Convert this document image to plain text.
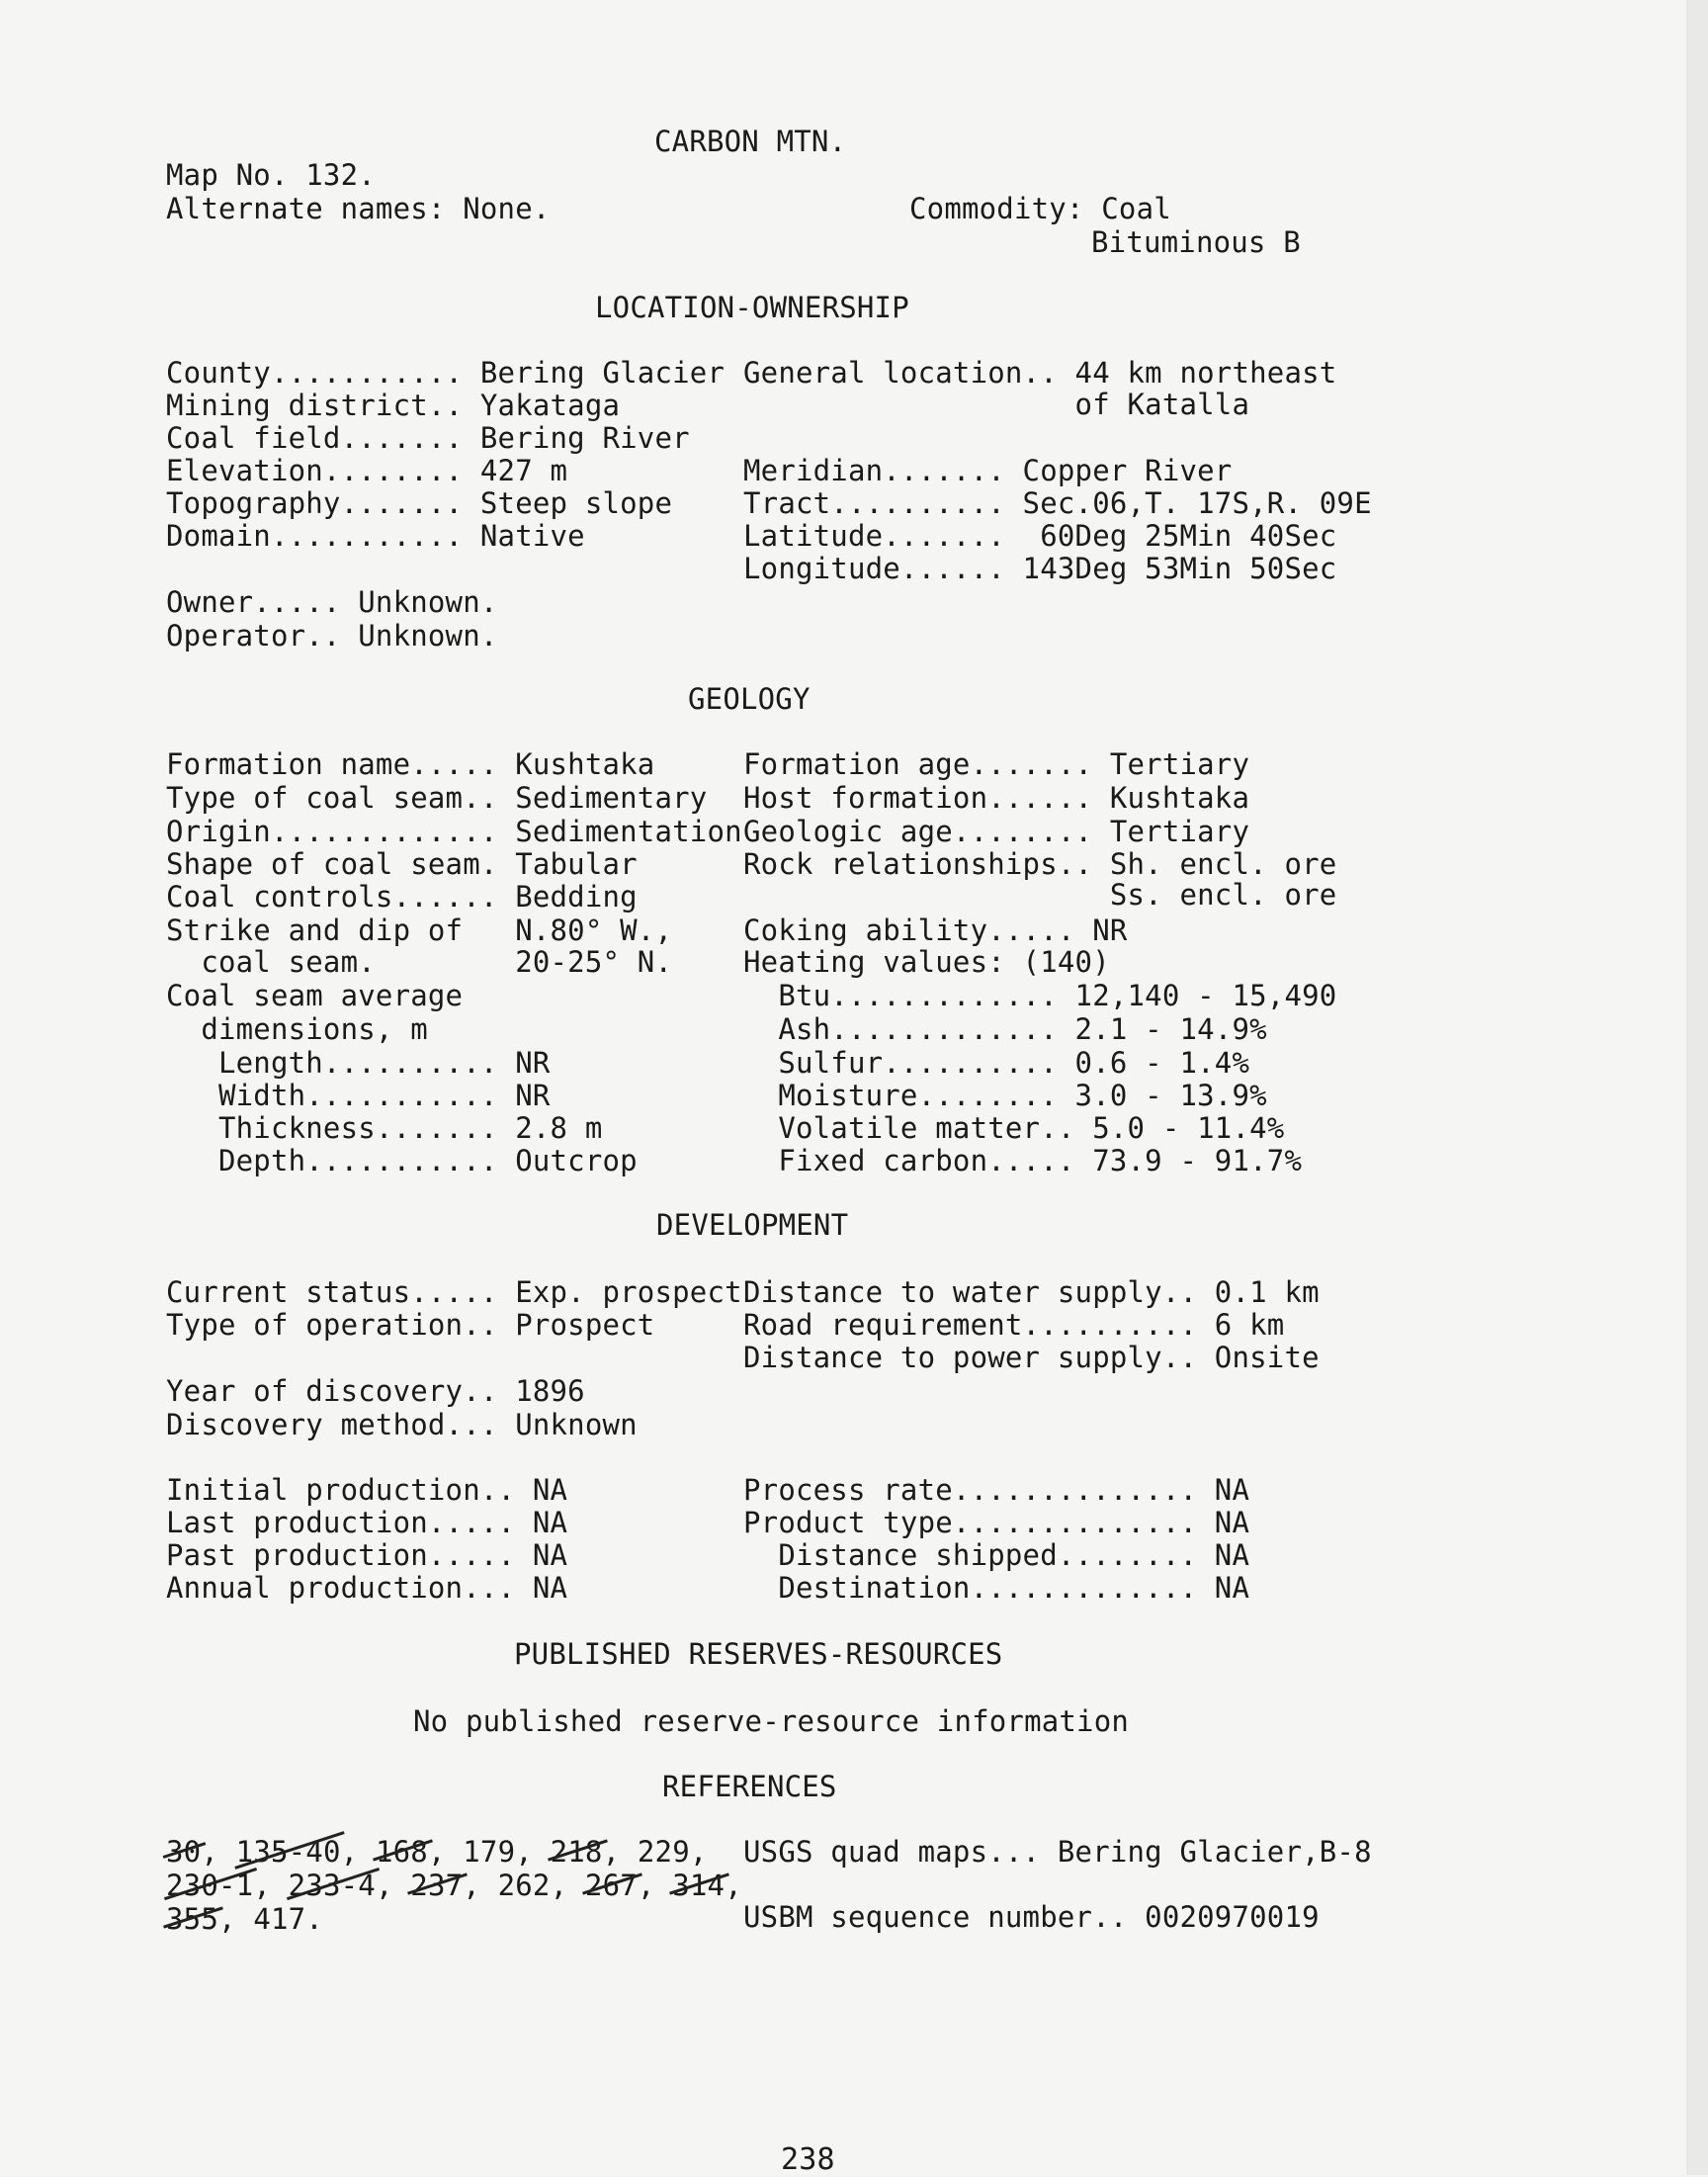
CARBON MTN.
Map No. 132.
Alternate names: None.	Commodity: Coal
Bituminous B
LOCATION-OWNERSHIP
County........... Bering Glacier
Mining district.. Yakataga
Coal field....... Bering River
Elevation........ 427 m
Topography....... Steep slope
Domain........... Native
General location.. 44 km northeast
of Katalla
Meridian....... Copper River
Tract.......... Sec.06,T. 17S,R. 09E
Latitude.......  60Deg 25Min 40Sec
Longitude...... 143Deg 53Min 50Sec
Owner..... Unknown.
Operator.. Unknown.
GEOLOGY
Formation name..... Kushtaka
Type of coal seam.. Sedimentary
Origin............. Sedimentation
Shape of coal seam. Tabular
Coal controls...... Bedding
Strike and dip of   N.80° W.,
coal seam.        20-25° N.
Coal seam average
dimensions, m
Length.......... NR
Width........... NR
Thickness....... 2.8 m
Depth........... Outcrop
Formation age....... Tertiary
Host formation...... Kushtaka
Geologic age........ Tertiary
Rock relationships.. Sh. encl. ore
Ss. encl. ore
Coking ability..... NR
Heating values: (140)
Btu............. 12,140 - 15,490
Ash............. 2.1 - 14.9%
Sulfur.......... 0.6 - 1.4%
Moisture........ 3.0 - 13.9%
Volatile matter.. 5.0 - 11.4%
Fixed carbon..... 73.9 - 91.7%
DEVELOPMENT
Current status..... Exp. prospect
Type of operation.. Prospect
Distance to water supply.. 0.1 km
Road requirement.......... 6 km
Distance to power supply.. Onsite
Year of discovery.. 1896
Discovery method... Unknown
Initial production.. NA
Last production..... NA
Past production..... NA
Annual production... NA
Process rate.............. NA
Product type.............. NA
Distance shipped........ NA
Destination............. NA
PUBLISHED RESERVES-RESOURCES
No published reserve-resource information
REFERENCES
30, 135-40, 168, 179, 218, 229,
230-1, 233-4, 237, 262, 267, 314,
355, 417.
USGS quad maps... Bering Glacier,B-8
USBM sequence number.. 0020970019
238
